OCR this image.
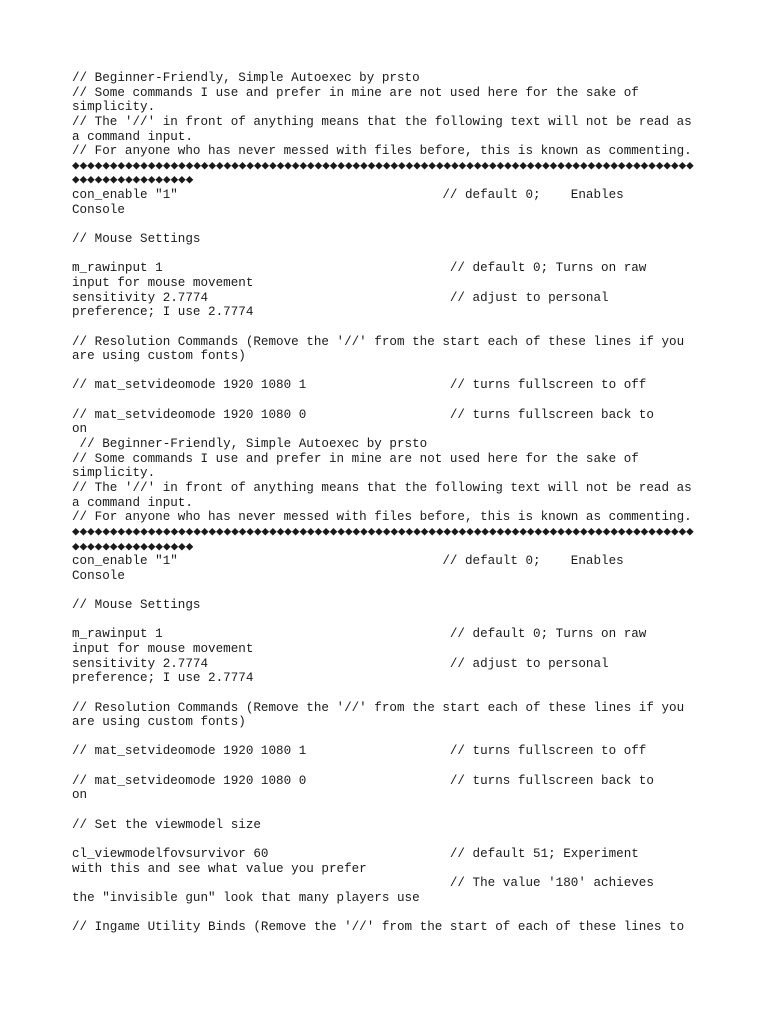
// Beginner-Friendly, Simple Autoexec by prsto
// Some commands I use and prefer in mine are not used here for the sake of
simplicity.
// The '//' in front of anything means that the following text will not be read as
a command input.
// For anyone who has never messed with files before, this is known as commenting.
◆◆◆◆◆◆◆◆◆◆◆◆◆◆◆◆◆◆◆◆◆◆◆◆◆◆◆◆◆◆◆◆◆◆◆◆◆◆◆◆◆◆◆◆◆◆◆◆◆◆◆◆◆◆◆◆◆◆◆◆◆◆◆◆◆◆◆◆◆◆◆◆◆◆◆◆◆◆◆◆◆◆
◆◆◆◆◆◆◆◆◆◆◆◆◆◆◆◆
con_enable "1"                                   // default 0;    Enables
Console
// Mouse Settings
m_rawinput 1                                      // default 0; Turns on raw
input for mouse movement
sensitivity 2.7774                                // adjust to personal
preference; I use 2.7774
// Resolution Commands (Remove the '//' from the start each of these lines if you
are using custom fonts)
// mat_setvideomode 1920 1080 1                   // turns fullscreen to off
// mat_setvideomode 1920 1080 0                   // turns fullscreen back to
on
// Beginner-Friendly, Simple Autoexec by prsto
// Some commands I use and prefer in mine are not used here for the sake of
simplicity.
// The '//' in front of anything means that the following text will not be read as
a command input.
// For anyone who has never messed with files before, this is known as commenting.
◆◆◆◆◆◆◆◆◆◆◆◆◆◆◆◆◆◆◆◆◆◆◆◆◆◆◆◆◆◆◆◆◆◆◆◆◆◆◆◆◆◆◆◆◆◆◆◆◆◆◆◆◆◆◆◆◆◆◆◆◆◆◆◆◆◆◆◆◆◆◆◆◆◆◆◆◆◆◆◆◆◆
◆◆◆◆◆◆◆◆◆◆◆◆◆◆◆◆
con_enable "1"                                   // default 0;    Enables
Console
// Mouse Settings
m_rawinput 1                                      // default 0; Turns on raw
input for mouse movement
sensitivity 2.7774                                // adjust to personal
preference; I use 2.7774
// Resolution Commands (Remove the '//' from the start each of these lines if you
are using custom fonts)
// mat_setvideomode 1920 1080 1                   // turns fullscreen to off
// mat_setvideomode 1920 1080 0                   // turns fullscreen back to
on
// Set the viewmodel size
cl_viewmodelfovsurvivor 60                        // default 51; Experiment
with this and see what value you prefer
// The value '180' achieves
the "invisible gun" look that many players use
// Ingame Utility Binds (Remove the '//' from the start of each of these lines to
